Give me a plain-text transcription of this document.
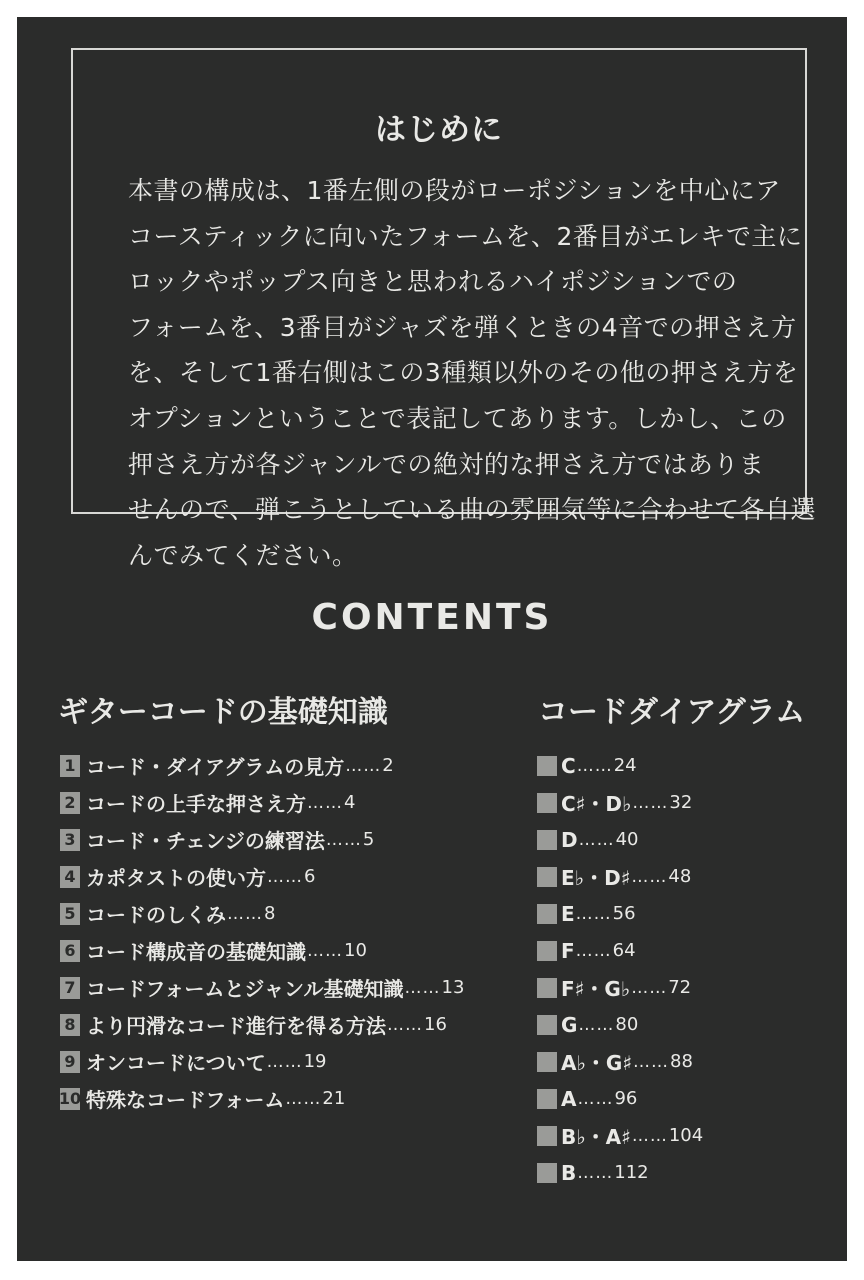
はじめに
本書の構成は、1番左側の段がローポジションを中心にア
コースティックに向いたフォームを、2番目がエレキで主に
ロックやポップス向きと思われるハイポジションでの
フォームを、3番目がジャズを弾くときの4音での押さえ方
を、そして1番右側はこの3種類以外のその他の押さえ方を
オプションということで表記してあります。しかし、この
押さえ方が各ジャンルでの絶対的な押さえ方ではありま
せんので、弾こうとしている曲の雰囲気等に合わせて各自選
んでみてください。
CONTENTS
ギターコードの基礎知識	コードダイアグラム
1 コード・ダイアグラムの見方 …… 2
2 コードの上手な押さえ方 …… 4
3 コード・チェンジの練習法 …… 5
4 カポタストの使い方 …… 6
5 コードのしくみ …… 8
6 コード構成音の基礎知識 …… 10
7 コードフォームとジャンル基礎知識 …… 13
8 より円滑なコード進行を得る方法 …… 16
9 オンコードについて …… 19
10 特殊なコードフォーム …… 21
C …… 24
C♯・D♭ …… 32
D …… 40
E♭・D♯ …… 48
E …… 56
F …… 64
F♯・G♭ …… 72
G …… 80
A♭・G♯ …… 88
A …… 96
B♭・A♯ …… 104
B …… 112
